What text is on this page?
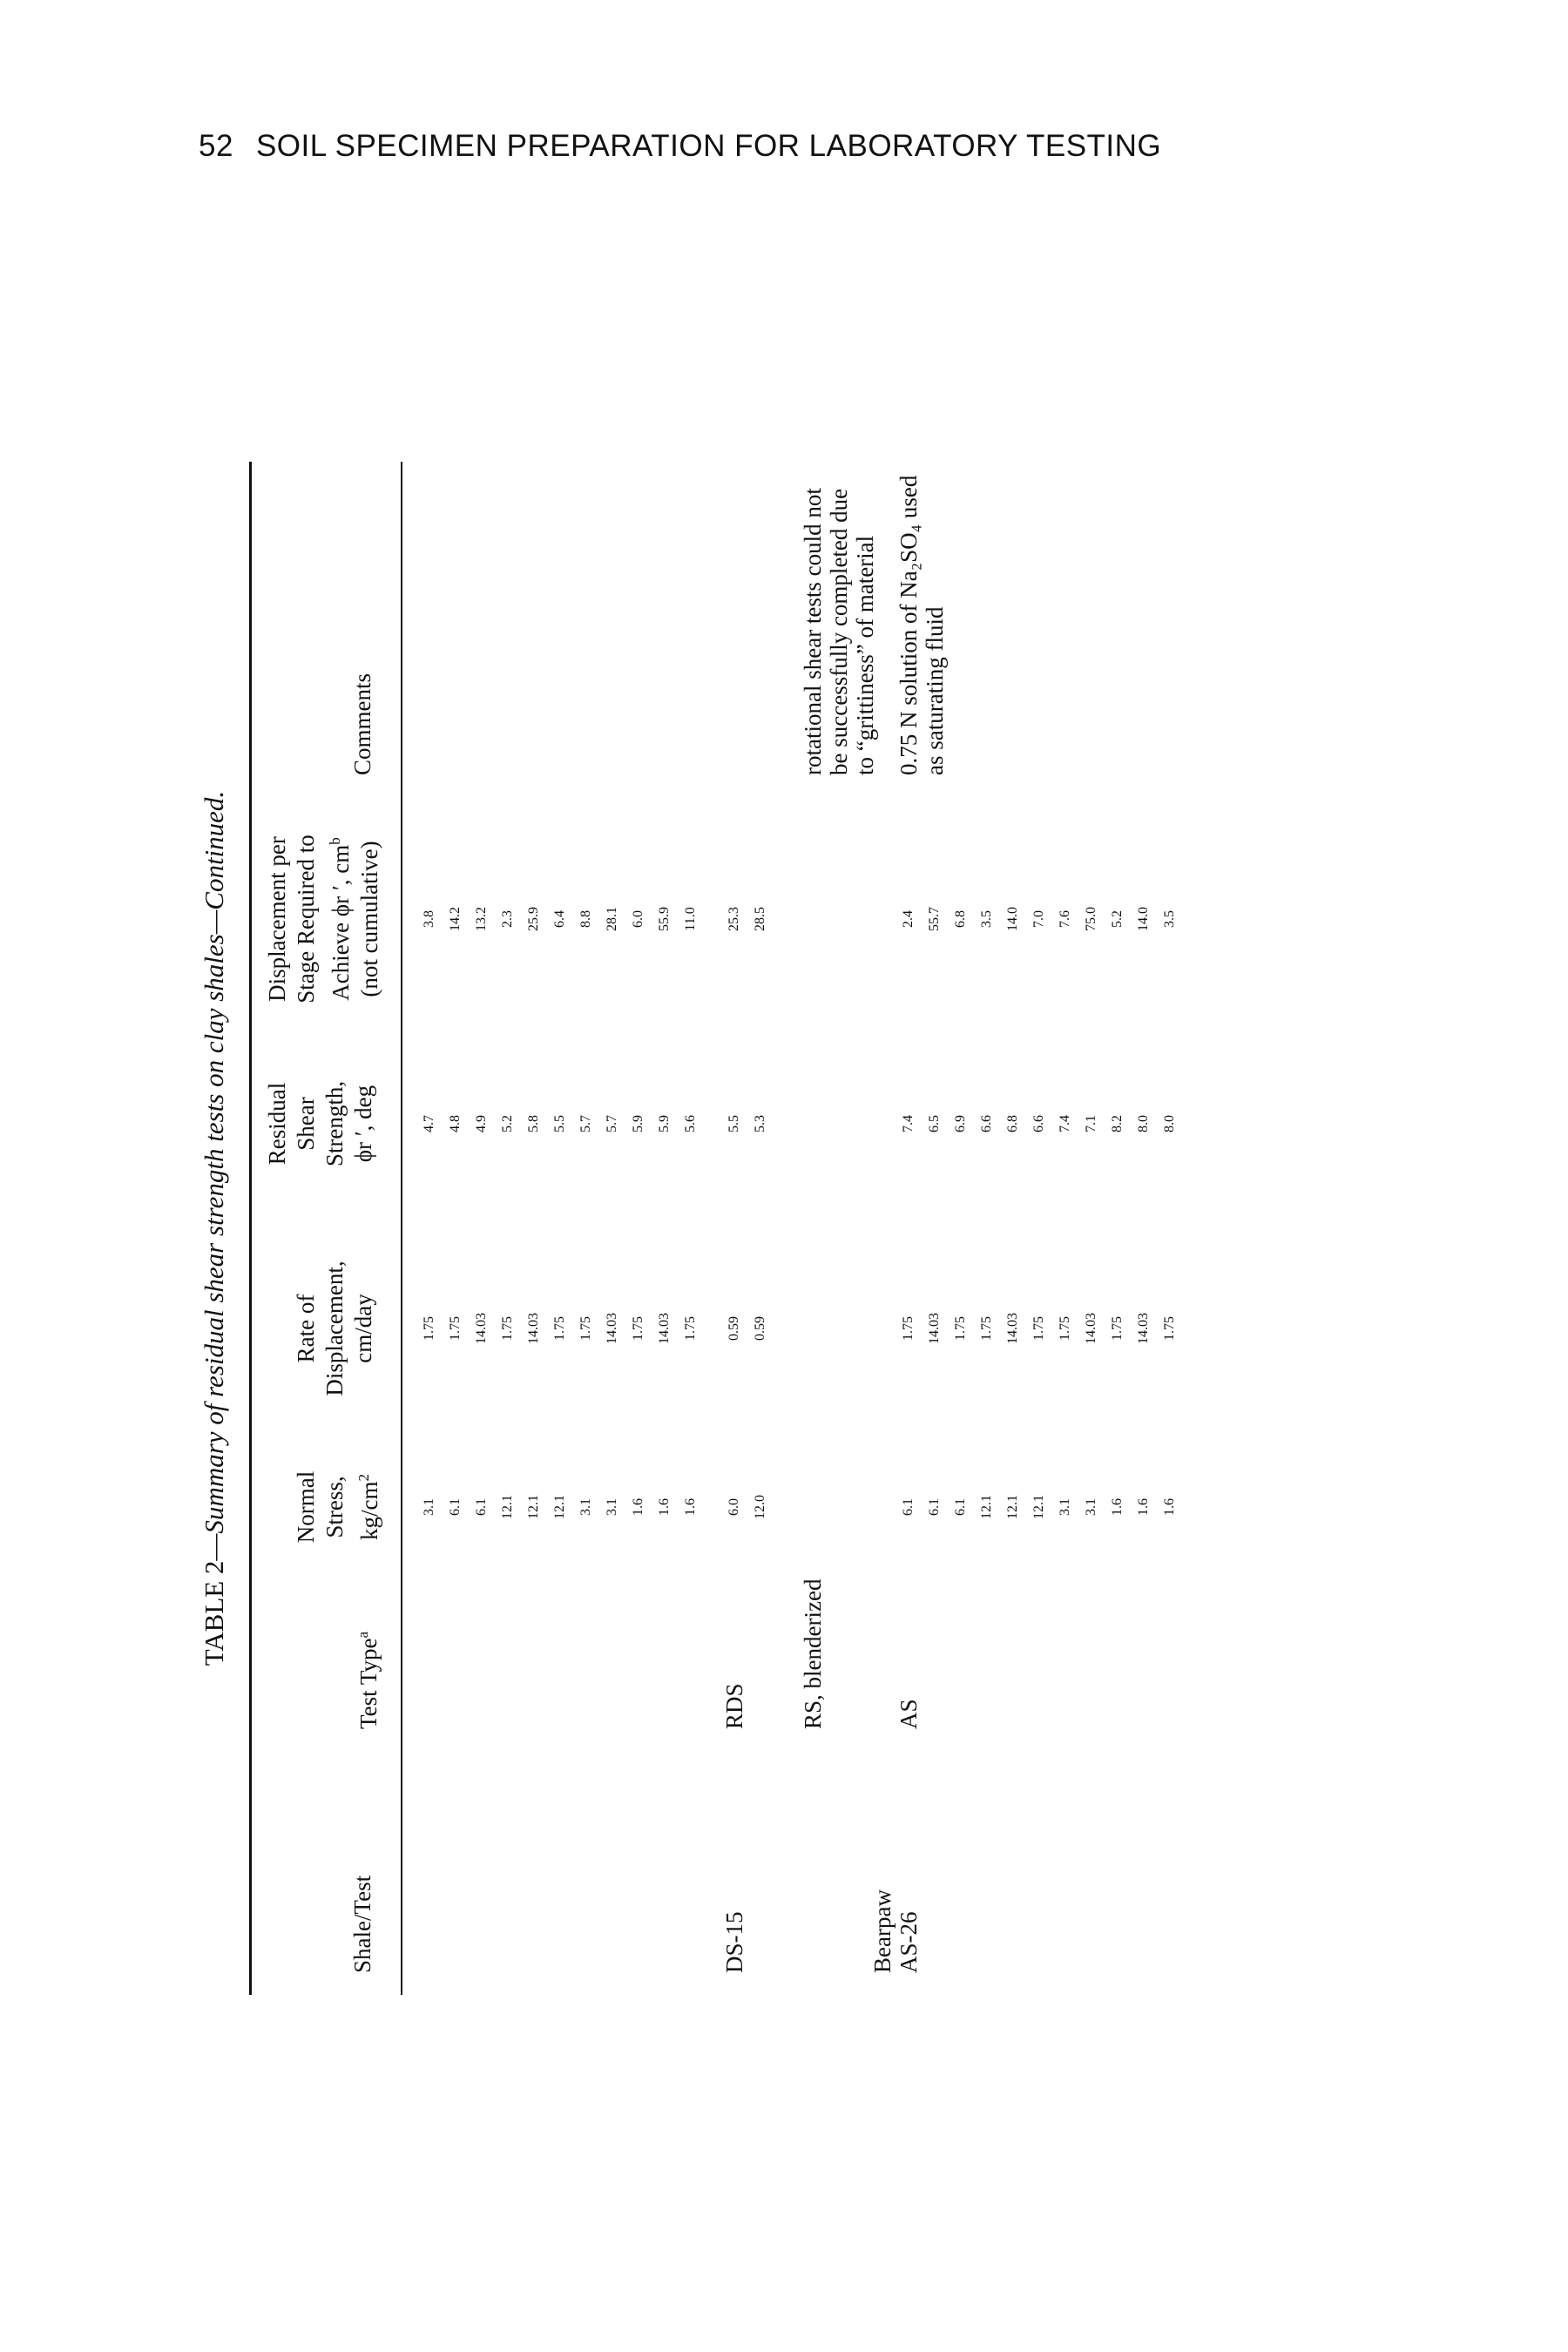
52 SOIL SPECIMEN PREPARATION FOR LABORATORY TESTING
TABLE 2—Summary of residual shear strength tests on clay shales—Continued.
Shale/Test
Test Type$^a$
Normal
Stress,
$kg/cm^2$
Rate of
Displacement,
cm/day
Residual
Shear
Strength,
ϕr ′, deg
Displacement per
Stage Required to
Achieve ϕr ′, $cm^b$ (not cumulative)
Comments
3.1 6.1 6.1 12.1 12.1 12.1 3.1 3.1 1.6 1.6 1.6
1.75 1.75 14.03 1.75 14.03 1.75 1.75 14.03 1.75 14.03 1.75
4.7 4.8 4.9 5.2 5.8 5.5 5.7 5.7 5.9 5.9 5.6
3.8 14.2 13.2 2.3 25.9 6.4 8.8 28.1 6.0 55.9 11.0
DS-15
RDS
6.0 12.0
0.59 0.59
5.5 5.3
25.3 28.5
RS, blenderized
rotational shear tests could not
be successfully completed due
to “grittiness” of material
Bearpaw
AS-26
AS
6.1 6.1 6.1 12.1 12.1 12.1 3.1 3.1 1.6 1.6 1.6
1.75 14.03 1.75 1.75 14.03 1.75 1.75 14.03 1.75 14.03 1.75
7.4 6.5 6.9 6.6 6.8 6.6 7.4 7.1 8.2 8.0 8.0
2.4 55.7 6.8 3.5 14.0 7.0 7.6 75.0 5.2 14.0 3.5
0.75 N solution of Na₂SO₄ used
as saturating fluid
